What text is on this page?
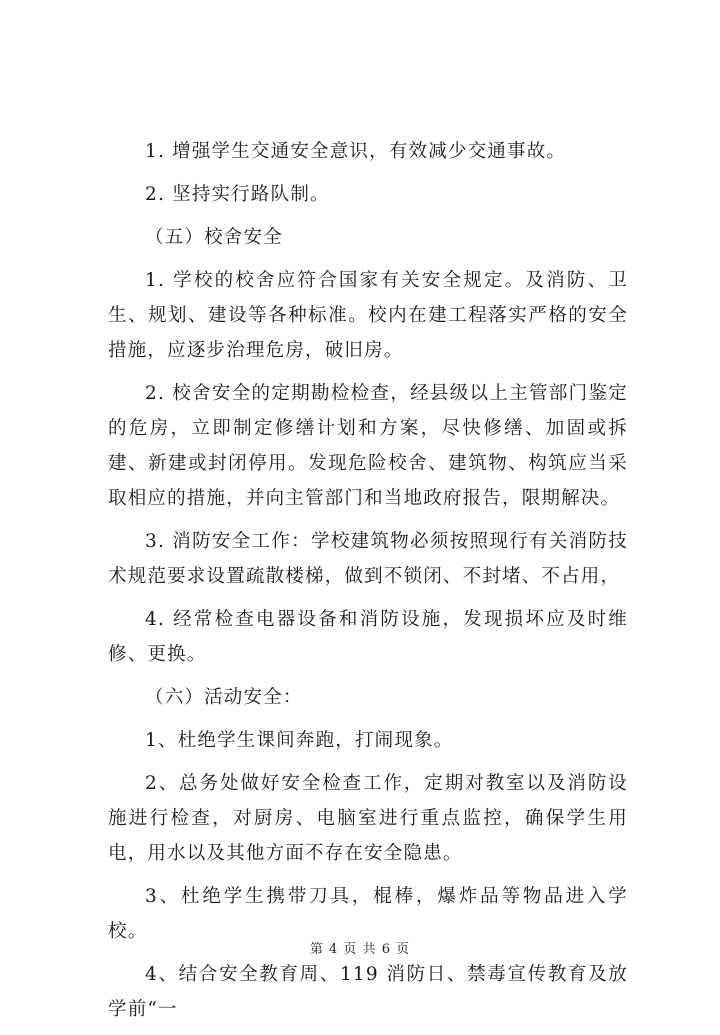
1. 增强学生交通安全意识，有效减少交通事故。

2. 坚持实行路队制。

（五）校舍安全

1. 学校的校舍应符合国家有关安全规定。及消防、卫生、规划、建设等各种标准。校内在建工程落实严格的安全措施，应逐步治理危房，破旧房。

2. 校舍安全的定期勘检检查，经县级以上主管部门鉴定的危房，立即制定修缮计划和方案，尽快修缮、加固或拆建、新建或封闭停用。发现危险校舍、建筑物、构筑应当采取相应的措施，并向主管部门和当地政府报告，限期解决。

3. 消防安全工作：学校建筑物必须按照现行有关消防技术规范要求设置疏散楼梯，做到不锁闭、不封堵、不占用，

4. 经常检查电器设备和消防设施，发现损坏应及时维修、更换。

（六）活动安全：

1、杜绝学生课间奔跑，打闹现象。

2、总务处做好安全检查工作，定期对教室以及消防设施进行检查，对厨房、电脑室进行重点监控，确保学生用电，用水以及其他方面不存在安全隐患。

3、杜绝学生携带刀具，棍棒，爆炸品等物品进入学校。

4、结合安全教育周、119 消防日、禁毒宣传教育及放学前“一

第 4 页 共 6 页
